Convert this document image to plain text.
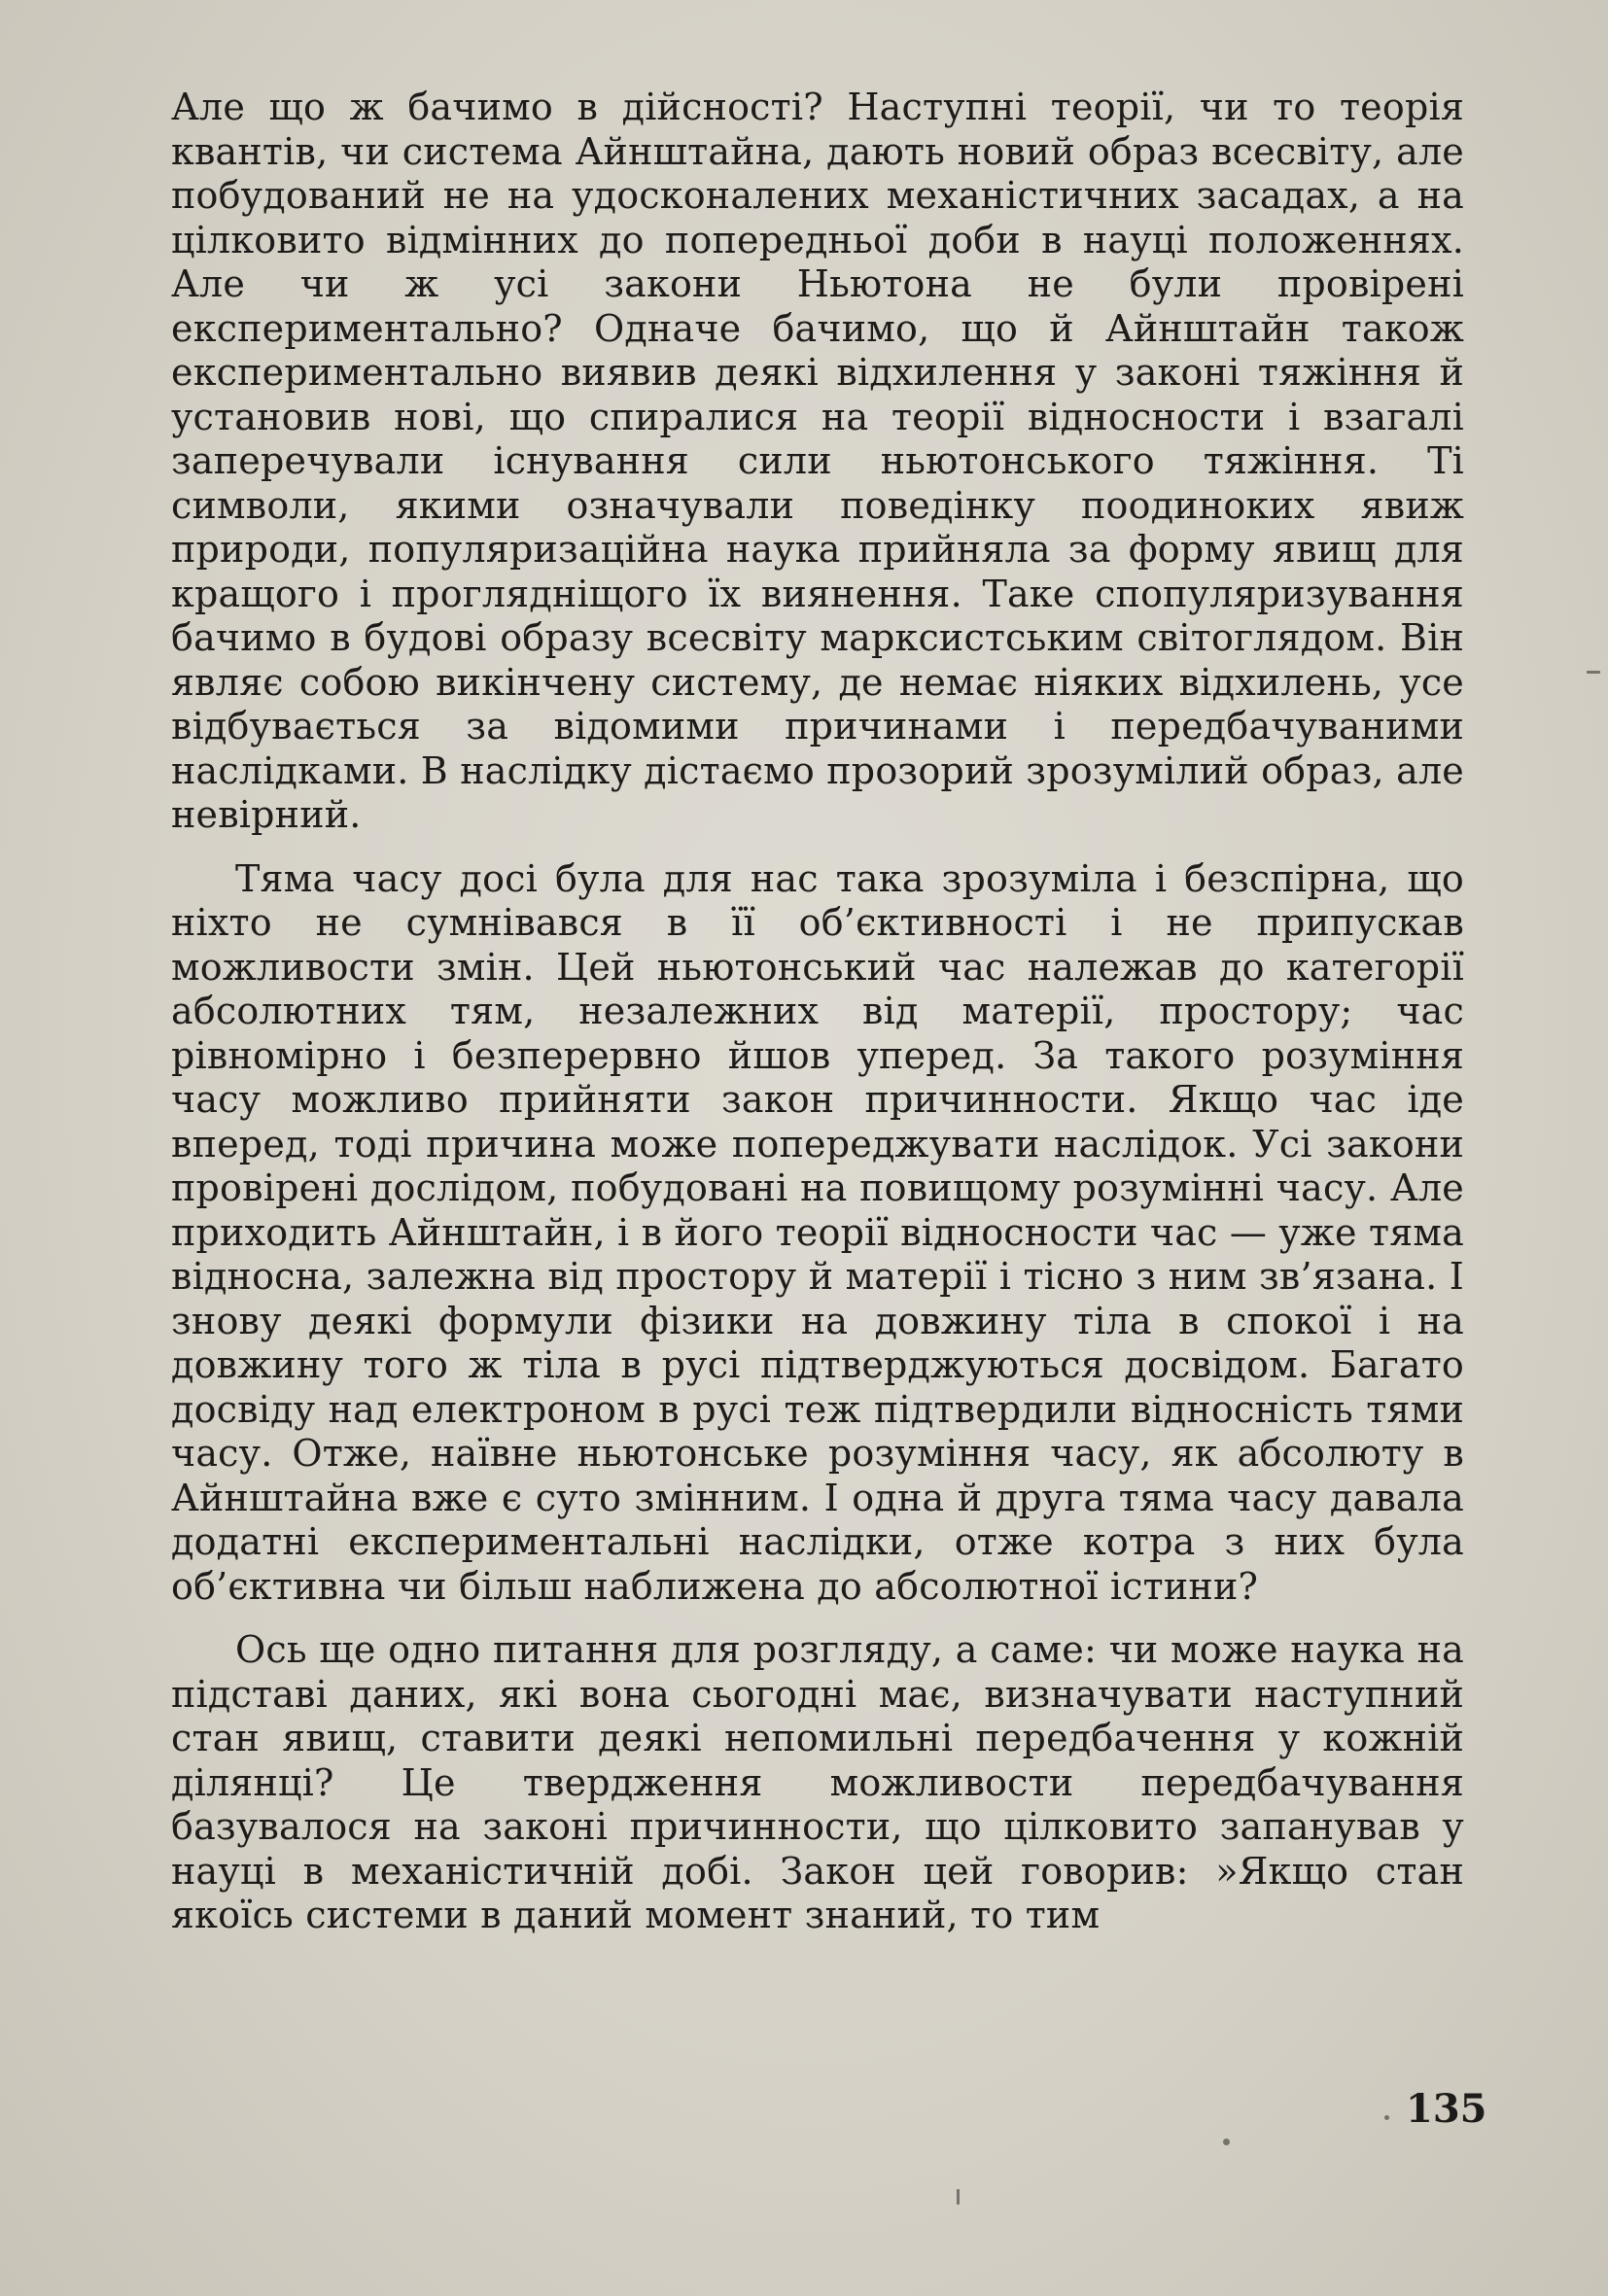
Але що ж бачимо в дійсності? Наступні теорії, чи то теорія квантів, чи система Айнштайна, дають новий образ всесвіту, але побудований не на удосконалених механістичних засадах, а на цілковито відмінних до попередньої доби в науці положеннях. Але чи ж усі закони Ньютона не були провірені експериментально? Одначе бачимо, що й Айнштайн також експериментально виявив деякі відхилення у законі тяжіння й установив нові, що спиралися на теорії відносности і взагалі заперечували існування сили ньютонського тяжіння. Ті символи, якими означували поведінку поодиноких явиж природи, популяризаційна наука прийняла за форму явищ для кращого і проглядніщого їх виянення. Таке спопуляризування бачимо в будові образу всесвіту марксистським світоглядом. Він являє собою викінчену систему, де немає ніяких відхилень, усе відбувається за відомими причинами і передбачуваними наслідками. В наслідку дістаємо прозорий зрозумілий образ, але невірний.

Тяма часу досі була для нас така зрозуміла і безспірна, що ніхто не сумнівався в її об’єктивності і не припускав можливости змін. Цей ньютонський час належав до категорії абсолютних тям, незалежних від матерії, простору; час рівномірно і безперервно йшов уперед. За такого розуміння часу можливо прийняти закон причинности. Якщо час іде вперед, тоді причина може попереджувати наслідок. Усі закони провірені дослідом, побудовані на повищому розумінні часу. Але приходить Айнштайн, і в його теорії відносности час — уже тяма відносна, залежна від простору й матерії і тісно з ним зв’язана. І знову деякі формули фізики на довжину тіла в спокої і на довжину того ж тіла в русі підтверджуються досвідом. Багато досвіду над електроном в русі теж підтвердили відносність тями часу. Отже, наївне ньютонське розуміння часу, як абсолюту в Айнштайна вже є суто змінним. І одна й друга тяма часу давала додатні експериментальні наслідки, отже котра з них була об’єктивна чи більш наближена до абсолютної істини?

Ось ще одно питання для розгляду, а саме: чи може наука на підставі даних, які вона сьогодні має, визначувати наступний стан явищ, ставити деякі непомильні передбачення у кожній ділянці? Це твердження можливости передбачування базувалося на законі причинности, що цілковито запанував у науці в механістичній добі. Закон цей говорив: »Якщо стан якоїсь системи в даний момент знаний, то тим

135
